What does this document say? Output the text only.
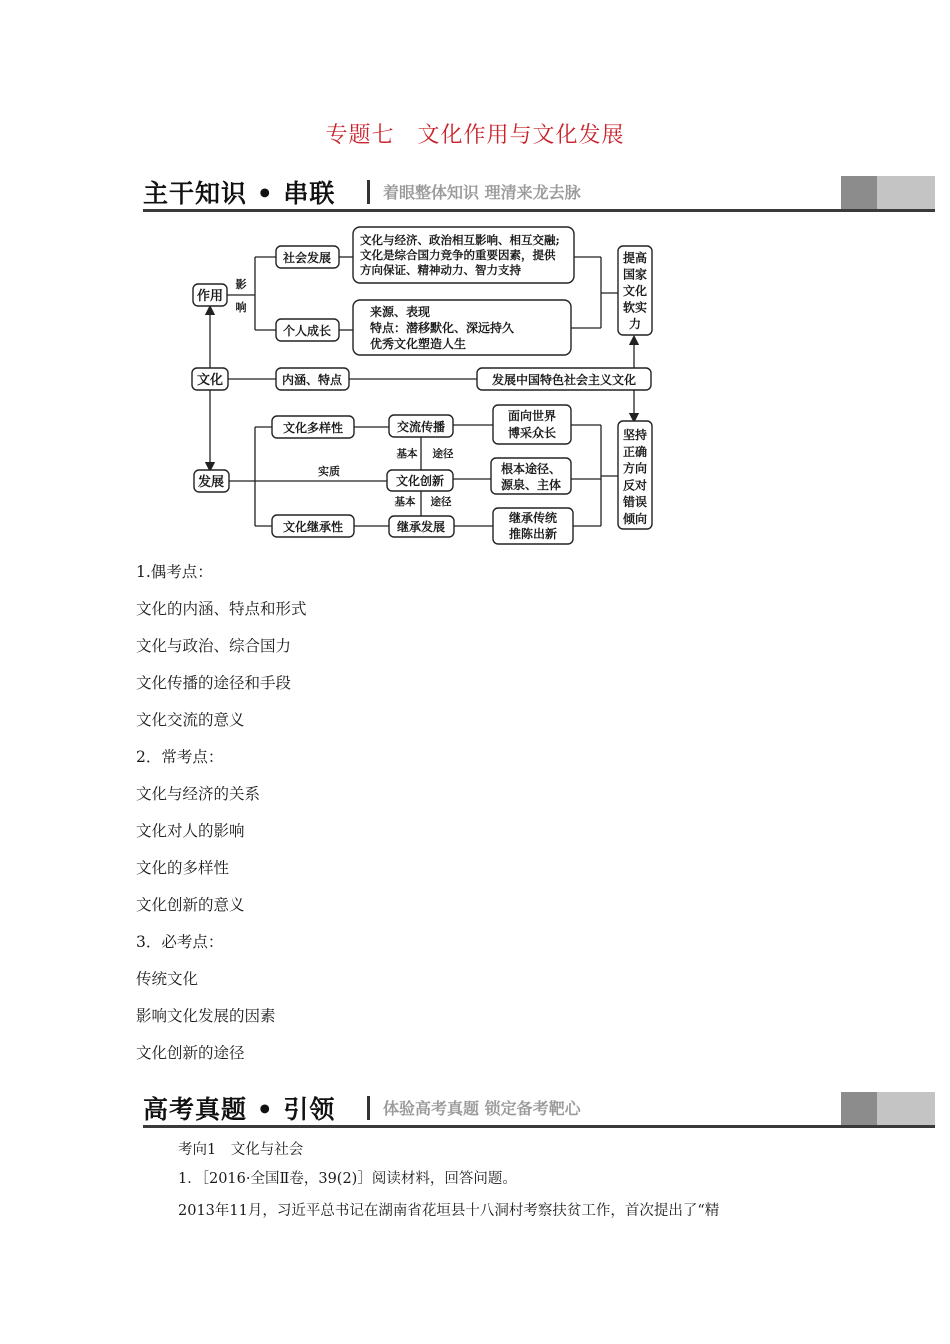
专题七　文化作用与文化发展
主干知识 • 串联	着眼整体知识 理清来龙去脉
作用
文化
发展
影
响
社会发展
个人成长
文化与经济、政治相互影响、相互交融;
文化是综合国力竞争的重要因素，提供
方向保证、精神动力、智力支持
来源、表现
特点：潜移默化、深远持久
优秀文化塑造人生
内涵、特点	发展中国特色社会主义文化
文化多样性	交流传播
面向世界
博采众长
实质
基本 途径
文化创新
根本途径、
源泉、主体
基本 途径
文化继承性	继承发展
继承传统
推陈出新
提高
国家
文化
软实
力
坚持
正确
方向
反对
错误
倾向
1.偶考点：
文化的内涵、特点和形式
文化与政治、综合国力
文化传播的途径和手段
文化交流的意义
2．常考点：
文化与经济的关系
文化对人的影响
文化的多样性
文化创新的意义
3．必考点：
传统文化
影响文化发展的因素
文化创新的途径
高考真题 • 引领	体验高考真题 锁定备考靶心
考向1　文化与社会
1．［2016·全国Ⅱ卷，39(2)］阅读材料，回答问题。
2013年11月，习近平总书记在湖南省花垣县十八洞村考察扶贫工作，首次提出了“精
